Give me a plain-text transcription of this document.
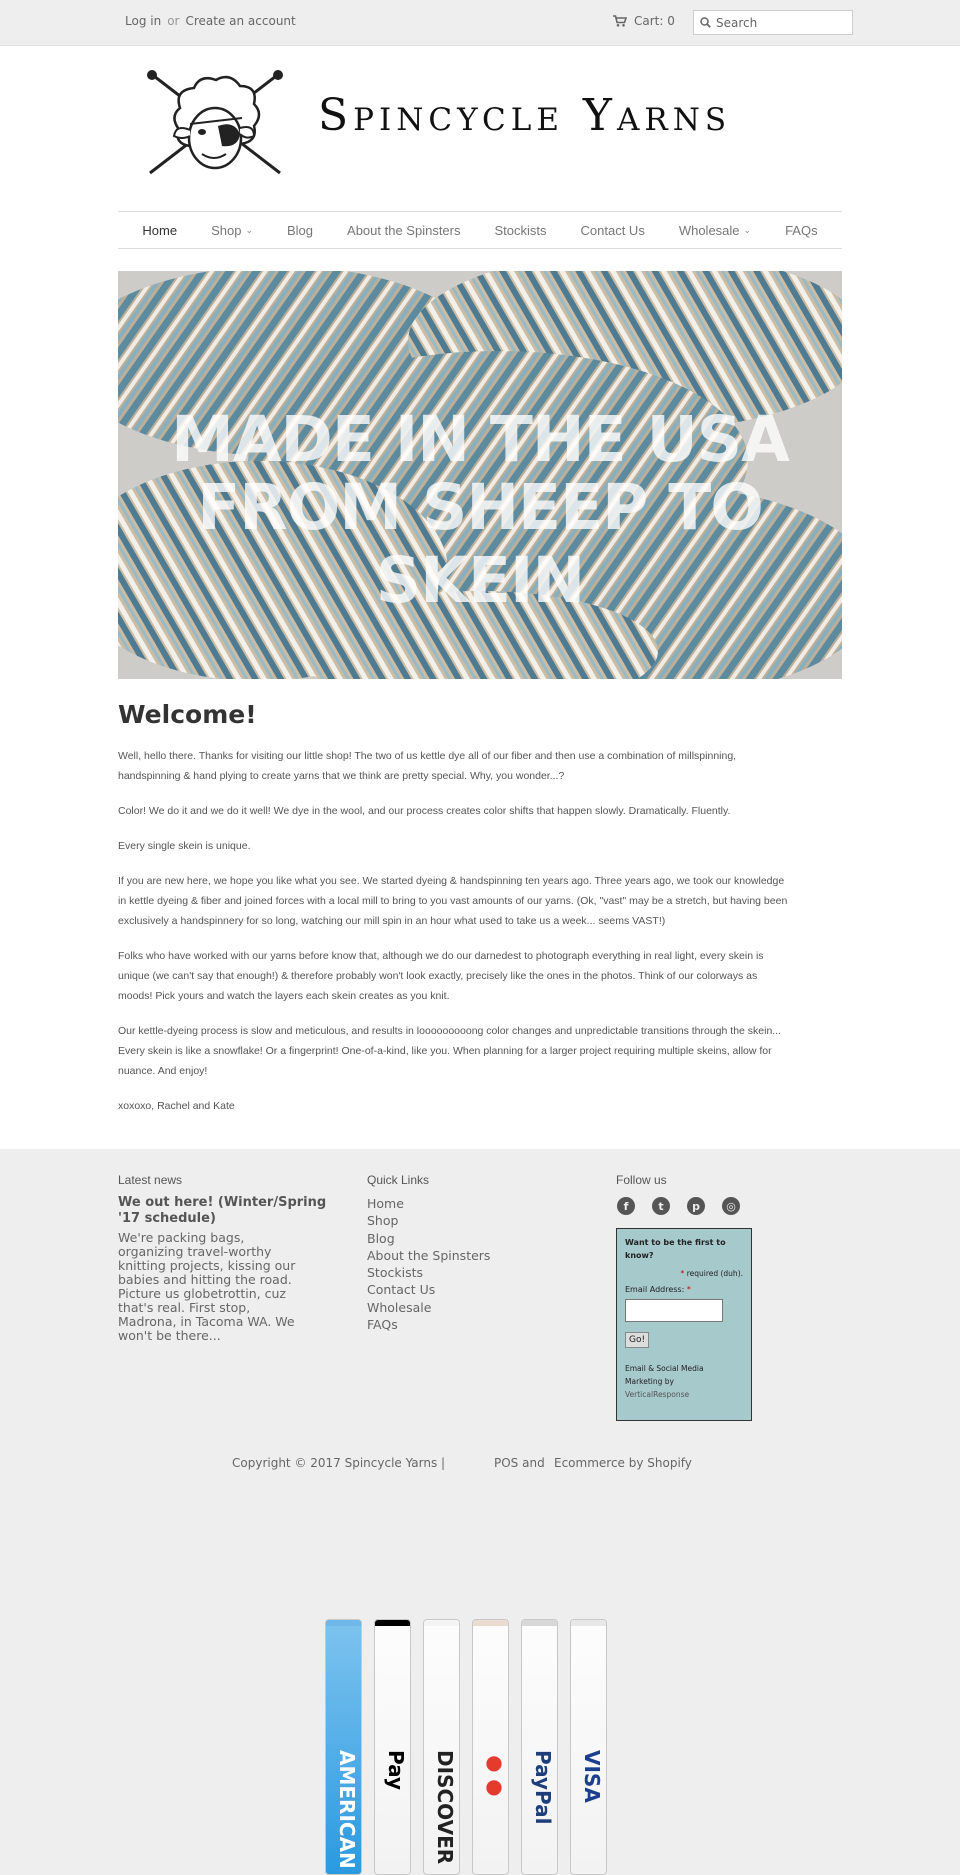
Log in or Create an account	Cart: 0
Search
Spincycle Yarns
Home	Shop ⌄	Blog	About the Spinsters	Stockists	Contact Us	Wholesale ⌄	FAQs
MADE IN THE USA
FROM SHEEP TO SKEIN
Welcome!

Well, hello there. Thanks for visiting our little shop! The two of us kettle dye all of our fiber and then use a combination of millspinning, handspinning & hand plying to create yarns that we think are pretty special. Why, you wonder...?

Color! We do it and we do it well! We dye in the wool, and our process creates color shifts that happen slowly. Dramatically. Fluently.

Every single skein is unique.

If you are new here, we hope you like what you see. We started dyeing & handspinning ten years ago. Three years ago, we took our knowledge in kettle dyeing & fiber and joined forces with a local mill to bring to you vast amounts of our yarns. (Ok, "vast" may be a stretch, but having been exclusively a handspinnery for so long, watching our mill spin in an hour what used to take us a week... seems VAST!)

Folks who have worked with our yarns before know that, although we do our darnedest to photograph everything in real light, every skein is unique (we can't say that enough!) & therefore probably won't look exactly, precisely like the ones in the photos. Think of our colorways as moods! Pick yours and watch the layers each skein creates as you knit.

Our kettle-dyeing process is slow and meticulous, and results in looooooooong color changes and unpredictable transitions through the skein... Every skein is like a snowflake! Or a fingerprint! One-of-a-kind, like you. When planning for a larger project requiring multiple skeins, allow for nuance. And enjoy!

xoxoxo, Rachel and Kate

Latest news
We out here! (Winter/Spring '17 schedule)
We're packing bags, organizing travel-worthy knitting projects, kissing our babies and hitting the road. Picture us globetrottin, cuz that's real. First stop, Madrona, in Tacoma WA. We won't be there...
Quick Links
Home
Shop
Blog
About the Spinsters
Stockists
Contact Us
Wholesale
FAQs
Follow us
f	t	p	◎
Want to be the first to know?
* required (duh).
Email Address: *
Go!
Email & Social Media Marketing by
VerticalResponse
Copyright © 2017 Spincycle Yarns |	POS and Ecommerce by Shopify
AMERICAN Pay DISCOVER ●● PayPal VISA
